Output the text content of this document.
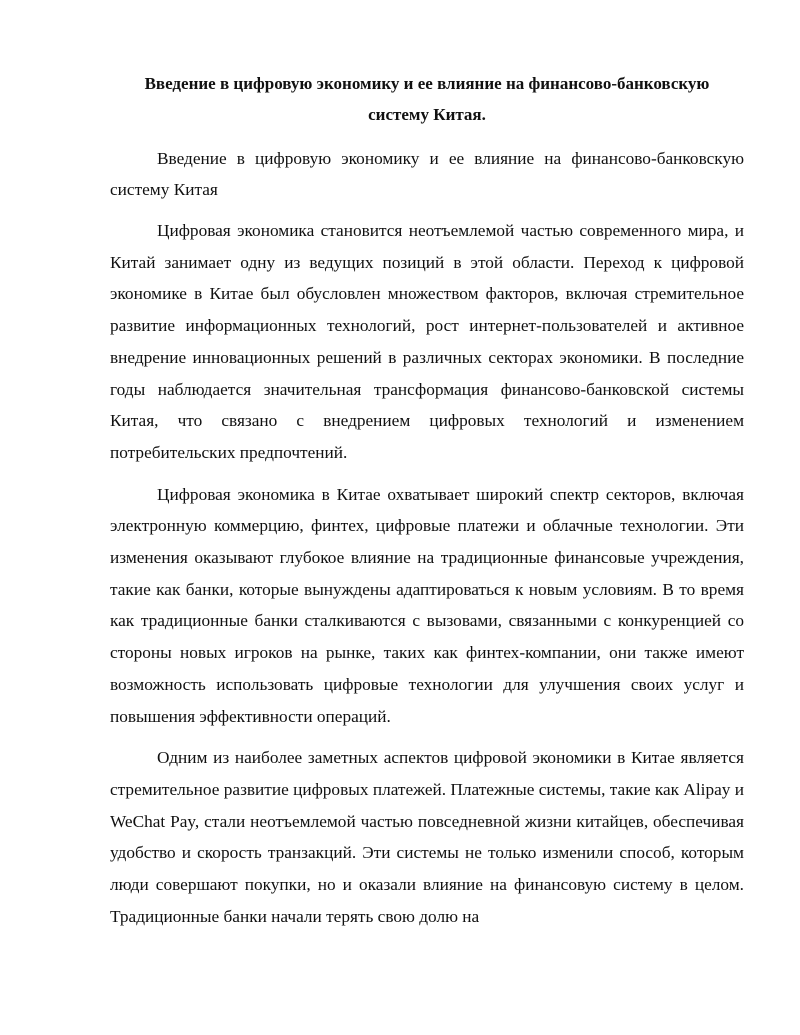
Введение в цифровую экономику и ее влияние на финансово-банковскую
систему Китая.

Введение в цифровую экономику и ее влияние на финансово-банковскую систему Китая

Цифровая экономика становится неотъемлемой частью современного мира, и Китай занимает одну из ведущих позиций в этой области. Переход к цифровой экономике в Китае был обусловлен множеством факторов, включая стремительное развитие информационных технологий, рост интернет-пользователей и активное внедрение инновационных решений в различных секторах экономики. В последние годы наблюдается значительная трансформация финансово-банковской системы Китая, что связано с внедрением цифровых технологий и изменением потребительских предпочтений.

Цифровая экономика в Китае охватывает широкий спектр секторов, включая электронную коммерцию, финтех, цифровые платежи и облачные технологии. Эти изменения оказывают глубокое влияние на традиционные финансовые учреждения, такие как банки, которые вынуждены адаптироваться к новым условиям. В то время как традиционные банки сталкиваются с вызовами, связанными с конкуренцией со стороны новых игроков на рынке, таких как финтех-компании, они также имеют возможность использовать цифровые технологии для улучшения своих услуг и повышения эффективности операций.

Одним из наиболее заметных аспектов цифровой экономики в Китае является стремительное развитие цифровых платежей. Платежные системы, такие как Alipay и WeChat Pay, стали неотъемлемой частью повседневной жизни китайцев, обеспечивая удобство и скорость транзакций. Эти системы не только изменили способ, которым люди совершают покупки, но и оказали влияние на финансовую систему в целом. Традиционные банки начали терять свою долю на
